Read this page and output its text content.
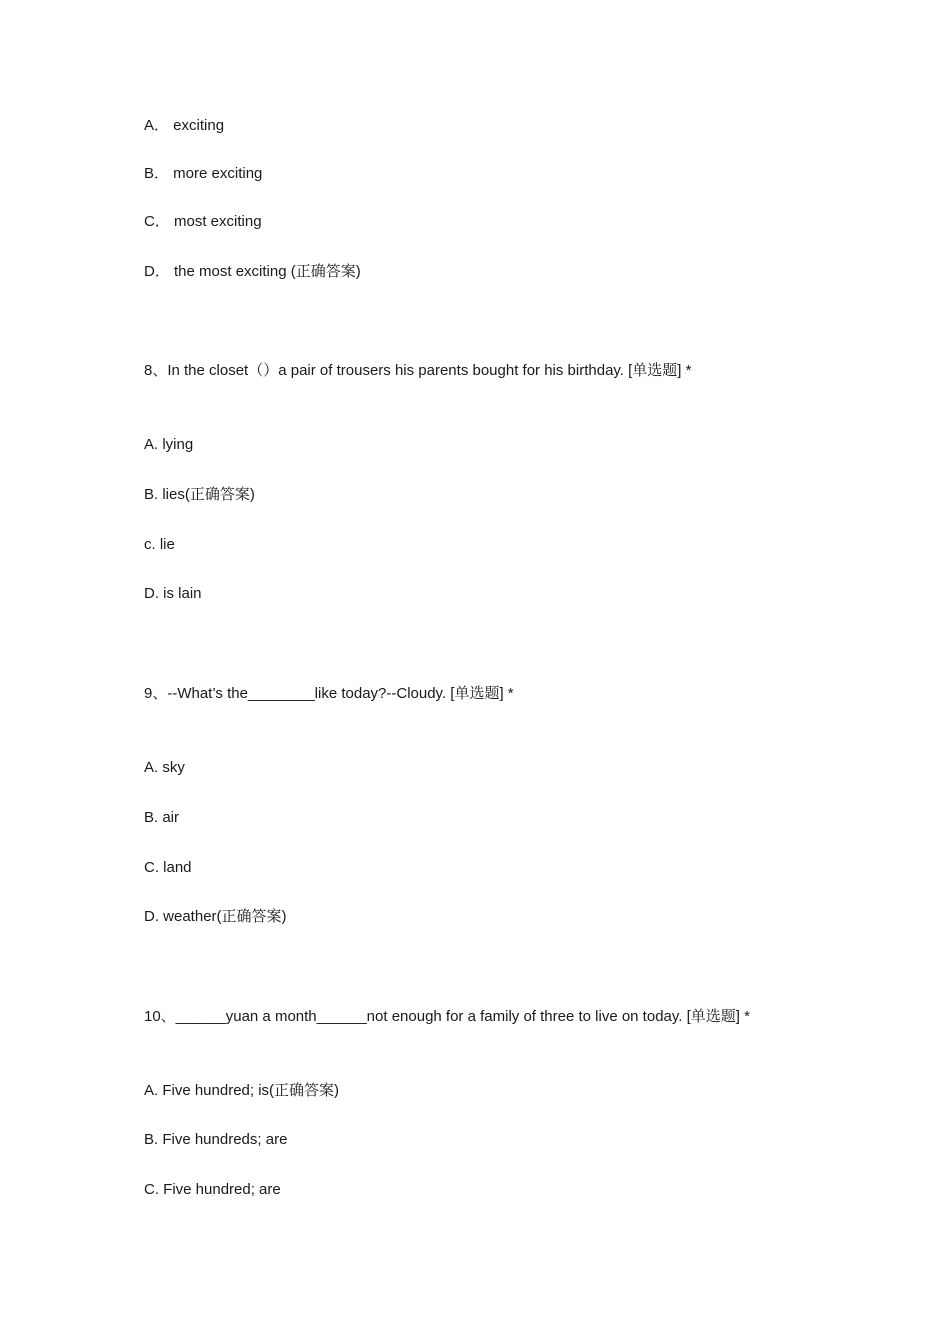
A． exciting
B． more exciting
C． most exciting
D． the most exciting (正确答案)
8、In the closet（）a pair of trousers his parents bought for his birthday. [单选题] *
A. lying
B. lies(正确答案)
c. lie
D. is lain
9、--What’s the________like today?--Cloudy. [单选题] *
A. sky
B. air
C. land
D. weather(正确答案)
10、______yuan a month______not enough for a family of three to live on today. [单选题] *
A. Five hundred; is(正确答案)
B. Five hundreds; are
C. Five hundred; are
